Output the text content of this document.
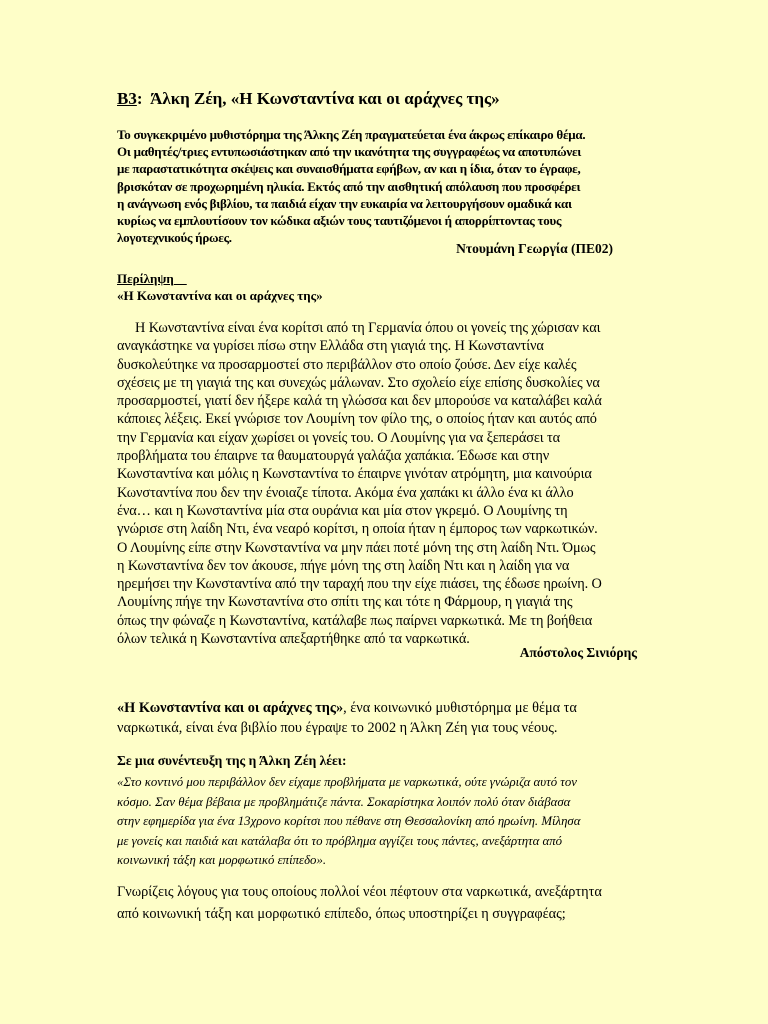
Β3:  Άλκη Ζέη, «Η Κωνσταντίνα και οι αράχνες της»
Το συγκεκριμένο μυθιστόρημα της Άλκης Ζέη πραγματεύεται ένα άκρως επίκαιρο θέμα.
Οι μαθητές/τριες εντυπωσιάστηκαν από την ικανότητα της συγγραφέως να αποτυπώνει
με παραστατικότητα σκέψεις και συναισθήματα εφήβων, αν και η ίδια, όταν το έγραφε,
βρισκόταν σε προχωρημένη ηλικία. Εκτός από την αισθητική απόλαυση που προσφέρει
η ανάγνωση ενός βιβλίου, τα παιδιά είχαν την ευκαιρία να λειτουργήσουν ομαδικά και
κυρίως να εμπλουτίσουν τον κώδικα αξιών τους ταυτιζόμενοι ή απορρίπτοντας τους
λογοτεχνικούς ήρωες.
Ντουμάνη Γεωργία (ΠΕ02)
Περίληψη
«Η Κωνσταντίνα και οι αράχνες της»
Η Κωνσταντίνα είναι ένα κορίτσι από τη Γερμανία όπου οι γονείς της χώρισαν και
αναγκάστηκε να γυρίσει πίσω στην Ελλάδα στη γιαγιά της. Η Κωνσταντίνα
δυσκολεύτηκε να προσαρμοστεί στο περιβάλλον στο οποίο ζούσε. Δεν είχε καλές
σχέσεις με τη γιαγιά της και συνεχώς μάλωναν. Στο σχολείο είχε επίσης δυσκολίες να
προσαρμοστεί, γιατί δεν ήξερε καλά τη γλώσσα και δεν μπορούσε να καταλάβει καλά
κάποιες λέξεις. Εκεί γνώρισε τον Λουμίνη τον φίλο της, ο οποίος ήταν και αυτός από
την Γερμανία και είχαν χωρίσει οι γονείς του. Ο Λουμίνης για να ξεπεράσει τα
προβλήματα του έπαιρνε τα θαυματουργά γαλάζια χαπάκια. Έδωσε και στην
Κωνσταντίνα και μόλις η Κωνσταντίνα το έπαιρνε γινόταν ατρόμητη, μια καινούρια
Κωνσταντίνα που δεν την ένοιαζε τίποτα. Ακόμα ένα χαπάκι κι άλλο ένα κι άλλο
ένα… και η Κωνσταντίνα μία στα ουράνια και μία στον γκρεμό. Ο Λουμίνης τη
γνώρισε στη λαίδη Ντι, ένα νεαρό κορίτσι, η οποία ήταν η έμπορος των ναρκωτικών.
Ο Λουμίνης είπε στην Κωνσταντίνα να μην πάει ποτέ μόνη της στη λαίδη Ντι. Όμως
η Κωνσταντίνα δεν τον άκουσε, πήγε μόνη της στη λαίδη Ντι και η λαίδη για να
ηρεμήσει την Κωνσταντίνα από την ταραχή που την είχε πιάσει, της έδωσε ηρωίνη. Ο
Λουμίνης πήγε την Κωνσταντίνα στο σπίτι της και τότε η Φάρμουρ, η γιαγιά της
όπως την φώναζε η Κωνσταντίνα, κατάλαβε πως παίρνει ναρκωτικά. Με τη βοήθεια
όλων τελικά η Κωνσταντίνα απεξαρτήθηκε από τα ναρκωτικά.
Απόστολος Σινιόρης
«Η Κωνσταντίνα και οι αράχνες της», ένα κοινωνικό μυθιστόρημα με θέμα τα
ναρκωτικά, είναι ένα βιβλίο που έγραψε το 2002 η Άλκη Ζέη για τους νέους.
Σε μια συνέντευξη της η Άλκη Ζέη λέει:
«Στο κοντινό μου περιβάλλον δεν είχαμε προβλήματα με ναρκωτικά, ούτε γνώριζα αυτό τον
κόσμο. Σαν θέμα βέβαια με προβλημάτιζε πάντα. Σοκαρίστηκα λοιπόν πολύ όταν διάβασα
στην εφημερίδα για ένα 13χρονο κορίτσι που πέθανε στη Θεσσαλονίκη από ηρωίνη. Μίλησα
με γονείς και παιδιά και κατάλαβα ότι το πρόβλημα αγγίζει τους πάντες, ανεξάρτητα από
κοινωνική τάξη και μορφωτικό επίπεδο».
Γνωρίζεις λόγους για τους οποίους πολλοί νέοι πέφτουν στα ναρκωτικά, ανεξάρτητα
από κοινωνική τάξη και μορφωτικό επίπεδο, όπως υποστηρίζει η συγγραφέας;
